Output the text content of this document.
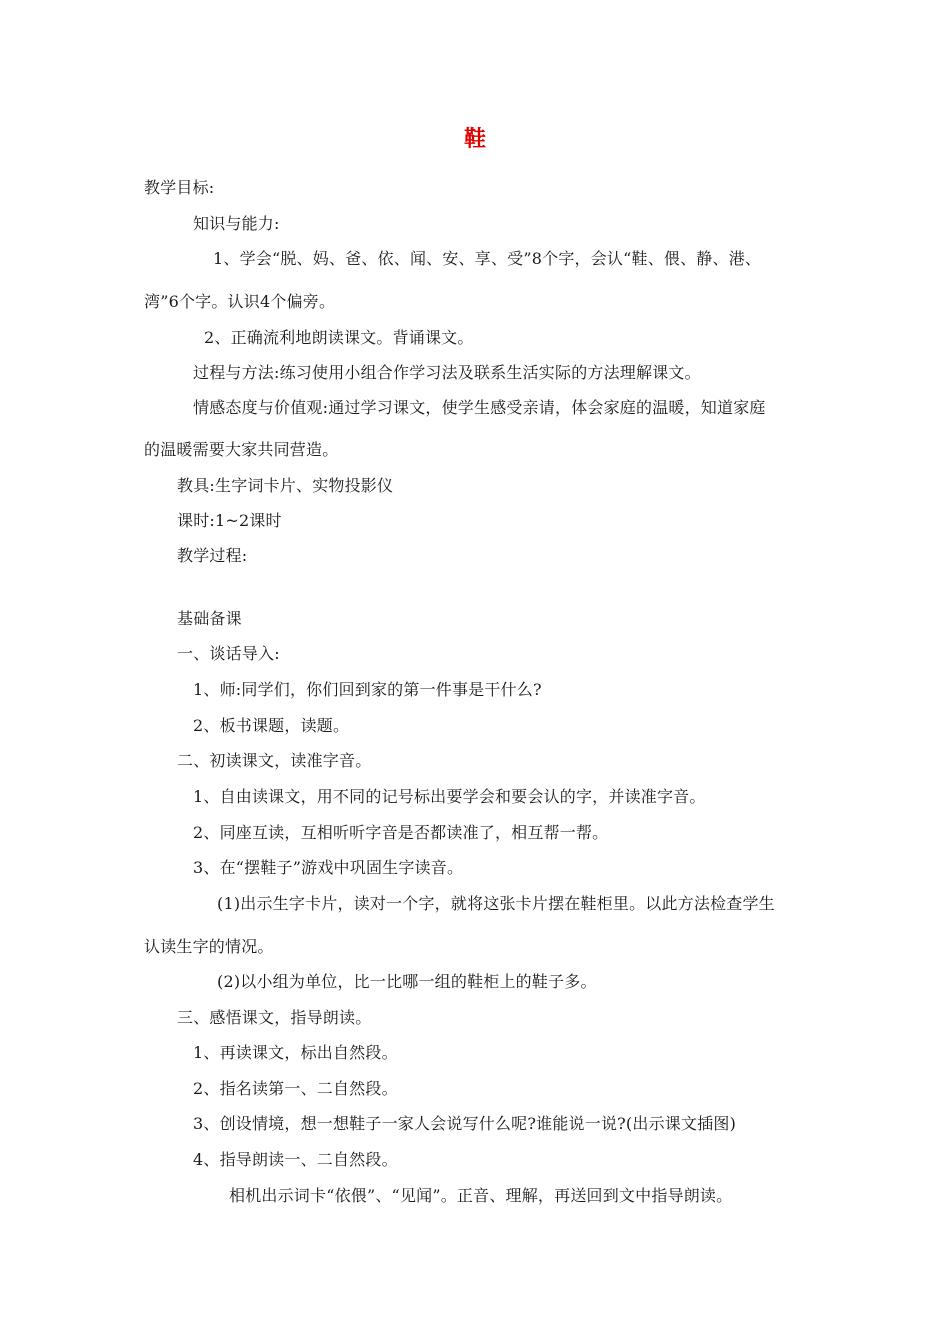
鞋
教学目标:
知识与能力:
1、学会“脱、妈、爸、依、闻、安、享、受”8个字，会认“鞋、偎、静、港、
湾”6个字。认识4个偏旁。
2、正确流利地朗读课文。背诵课文。
过程与方法:练习使用小组合作学习法及联系生活实际的方法理解课文。
情感态度与价值观:通过学习课文，使学生感受亲请，体会家庭的温暖，知道家庭
的温暖需要大家共同营造。
教具:生字词卡片、实物投影仪
课时:1~2课时
教学过程:
基础备课
一、谈话导入:
1、师:同学们，你们回到家的第一件事是干什么?
2、板书课题，读题。
二、初读课文，读准字音。
1、自由读课文，用不同的记号标出要学会和要会认的字，并读准字音。
2、同座互读，互相听听字音是否都读准了，相互帮一帮。
3、在“摆鞋子”游戏中巩固生字读音。
(1)出示生字卡片，读对一个字，就将这张卡片摆在鞋柜里。以此方法检查学生
认读生字的情况。
(2)以小组为单位，比一比哪一组的鞋柜上的鞋子多。
三、感悟课文，指导朗读。
1、再读课文，标出自然段。
2、指名读第一、二自然段。
3、创设情境，想一想鞋子一家人会说写什么呢?谁能说一说?(出示课文插图)
4、指导朗读一、二自然段。
相机出示词卡“依偎”、“见闻”。正音、理解，再送回到文中指导朗读。
